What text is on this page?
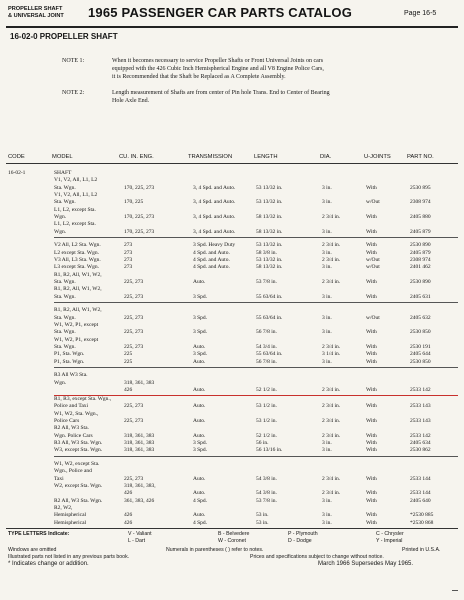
PROPELLER SHAFT
& UNIVERSAL JOINT 1965 PASSENGER CAR PARTS CATALOG	Page 16-5
16-02-0 PROPELLER SHAFT
NOTE 1:	When it becomes necessary to service Propeller Shafts or Front Universal Joints on cars
equipped with the 426 Cubic Inch Hemispherical Engine and all V8 Engine Police Cars,
it is Recommended that the Shaft be Replaced as A Complete Assembly.
NOTE 2:	Length measurement of Shafts are from center of Pin hole Trans. End to Center of Bearing
Hole Axle End.
CODE	MODEL	CU. IN. ENG.	TRANSMISSION	LENGTH	DIA.	U-JOINTS	PART NO.
16-02-1	SHAFT
V1, V2, All, L1, L2
Sta. Wgn.	170, 225, 273	3, 4 Spd. and Auto.	53 13/32 in.	3 in.	With	2530 895
V1, V2, All, L1, L2
Sta. Wgn.	170, 225	3, 4 Spd. and Auto.	53 13/32 in.	3 in.	w/Out	2308 974
L1, L2, except Sta.
Wgn.	170, 225, 273	3, 4 Spd. and Auto.	58 13/32 in.	2 3/4 in.	With	2405 880
L1, L2, except Sta.
Wgn.	170, 225, 273	3, 4 Spd. and Auto.	58 13/32 in.	3 in.	With	2405 879
V2 All, L2 Sta. Wgn.	273	3 Spd. Heavy Duty	53 13/32 in.	2 3/4 in.	With	2530 890
L2 except Sta. Wgn.	273	4 Spd. and Auto.	58 3/8 in.	3 in.	With	2405 879
V3 All, L3 Sta. Wgn.	273	4 Spd. and Auto.	53 13/32 in.	2 3/4 in.	w/Out	2308 974
L3 except Sta. Wgn.	273	4 Spd. and Auto.	58 13/32 in.	3 in.	w/Out	2401 462
R1, R2, All, W1, W2,
Sta. Wgn.	225, 273	Auto.	53 7/8 in.	2 3/4 in.	With	2530 890
R1, R2, All, W1, W2,
Sta. Wgn.	225, 273	3 Spd.	55 63/64 in.	3 in.	With	2405 631
R1, R2, All, W1, W2,
Sta. Wgn.	225, 273	3 Spd.	55 63/64 in.	3 in.	w/Out	2405 632
W1, W2, P1, except
Sta. Wgn.	225, 273	3 Spd.	56 7/8 in.	3 in.	With	2530 850
W1, W2, P1, except
Sta. Wgn.	225, 273	Auto.	54 3/4 in.	2 3/4 in.	With	2530 191
P1, Sta. Wgn.	225	3 Spd.	55 63/64 in.	3 1/4 in.	With	2405 644
P1, Sta. Wgn.	225	Auto.	56 7/8 in.	3 in.	With	2530 850
R3 All W3 Sta.
Wgn.	318, 361, 383
426	Auto.	52 1/2 in.	2 3/4 in.	With	2533 142
R1, R3, except Sta. Wgn.,
Police and Taxi	225, 273	Auto.	53 1/2 in.	2 3/4 in.	With	2533 143
W1, W2, Sta. Wgn.,
Police Cars	225, 273	Auto.	53 1/2 in.	2 3/4 in.	With	2533 143
R2 All, W3 Sta.
Wgn. Police Cars	318, 361, 383	Auto.	52 1/2 in.	2 3/4 in.	With	2533 142
R3 All, W3 Sta. Wgn.	318, 361, 383	3 Spd.	56 in.	3 in.	With	2405 634
W3, except Sta. Wgn.	318, 361, 383	3 Spd.	56 13/16 in.	3 in.	With	2530 862
W1, W2, except Sta.
Wgn., Police and
Taxi	225, 273	Auto.	54 3/8 in.	2 3/4 in.	With	2533 144
W2, except Sta. Wgn.	318, 361, 383,
426	Auto.	54 3/8 in.	2 3/4 in.	With	2533 144
R2 All, W3 Sta. Wgn.	361, 383, 426	4 Spd.	53 7/8 in.	3 in.	With	2405 640
R2, W2,
Hemispherical	426	Auto.	53 in.	3 in.	With	*2530 885
Hemispherical	426	4 Spd.	53 in.	3 in.	With	*2530 868
TYPE LETTERS Indicate:	V - Valiant	B - Belvedere	P - Plymouth	C - Chrysler
L - Dart	W - Coronet	D - Dodge	Y - Imperial
Windows are omitted	Numerals in parentheses ( ) refer to notes.	Printed in U.S.A.
Illustrated parts not listed in any previous parts book.	Prices and specifications subject to change without notice.
* Indicates change or addition.	March 1966 Supersedes May 1965.
